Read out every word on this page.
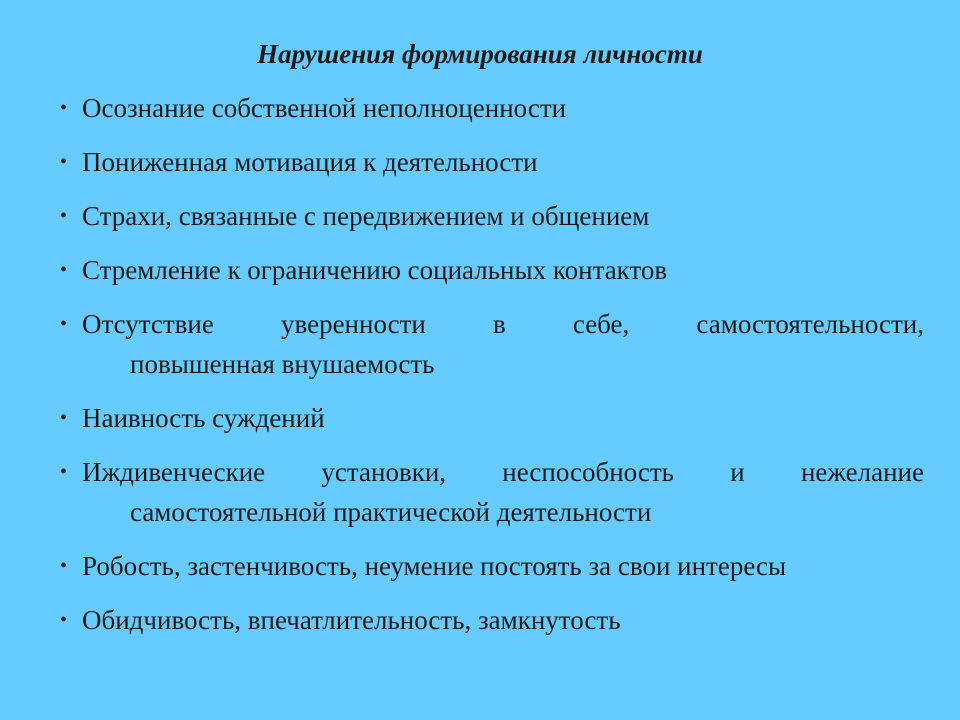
Нарушения формирования личности
• Осознание собственной неполноценности
• Пониженная мотивация к деятельности
• Страхи, связанные с передвижением и общением
• Стремление к ограничению социальных контактов
• Отсутствие уверенности в себе, самостоятельности,
повышенная внушаемость
• Наивность суждений
• Иждивенческие установки, неспособность и нежелание
самостоятельной практической деятельности
• Робость, застенчивость, неумение постоять за свои интересы
• Обидчивость, впечатлительность, замкнутость
